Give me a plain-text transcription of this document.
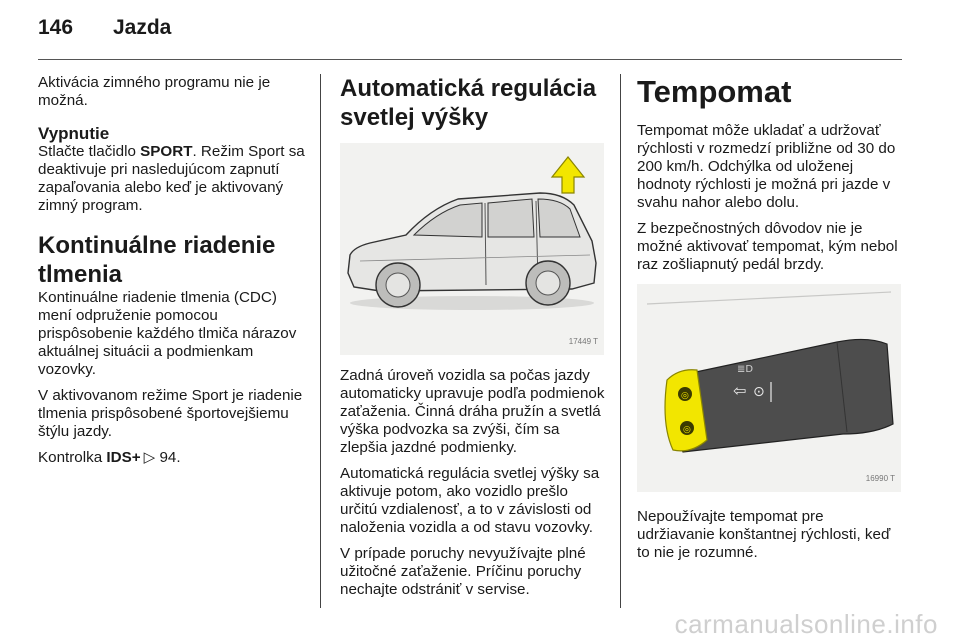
146 Jazda

Aktivácia zimného programu nie je možná.

Vypnutie

Stlačte tlačidlo SPORT. Režim Sport sa deaktivuje pri nasledujúcom zapnutí zapaľovania alebo keď je aktivovaný zimný program.

Kontinuálne riadenie tlmenia

Kontinuálne riadenie tlmenia (CDC) mení odpruženie pomocou prispôsobenie každého tlmiča nárazov aktuálnej situácii a podmienkam vozovky.

V aktivovanom režime Sport je riadenie tlmenia prispôsobené športovejšiemu štýlu jazdy.

Kontrolka IDS+ ▷ 94.

Automatická regulácia svetlej výšky
17449 T

Zadná úroveň vozidla sa počas jazdy automaticky upravuje podľa podmienok zaťaženia. Činná dráha pružín a svetlá výška podvozka sa zvýši, čím sa zlepšia jazdné podmienky.

Automatická regulácia svetlej výšky sa aktivuje potom, ako vozidlo prešlo určitú vzdialenosť, a to v závislosti od naloženia vozidla a od stavu vozovky.

V prípade poruchy nevyužívajte plné užitočné zaťaženie. Príčinu poruchy nechajte odstrániť v servise.

Tempomat

Tempomat môže ukladať a udržovať rýchlosti v rozmedzí približne od 30 do 200 km/h. Odchýlka od uloženej hodnoty rýchlosti je možná pri jazde v svahu nahor alebo dolu.

Z bezpečnostných dôvodov nie je možné aktivovať tempomat, kým nebol raz zošliapnutý pedál brzdy.

⇦ ⊙
≣D
◎
◎
16990 T

Nepoužívajte tempomat pre udržiavanie konštantnej rýchlosti, keď to nie je rozumné.

carmanualsonline.info
